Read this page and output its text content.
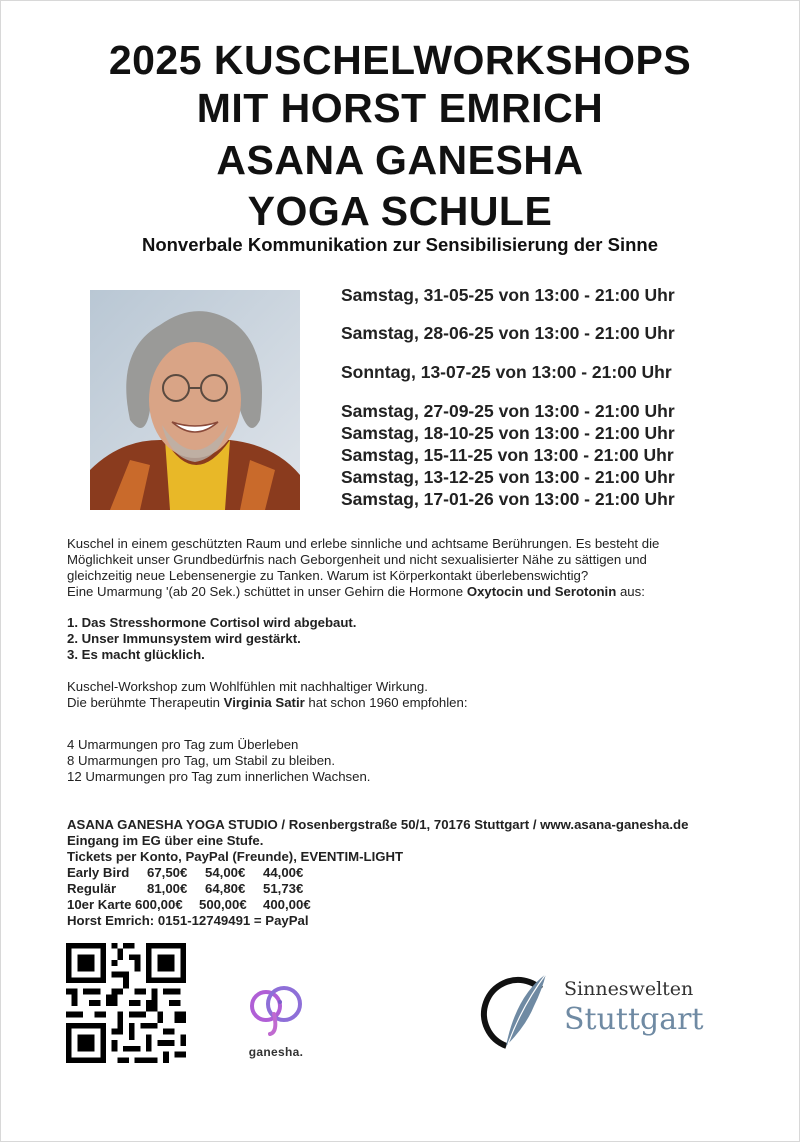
2025 KUSCHELWORKSHOPS
MIT HORST EMRICH
ASANA GANESHA
YOGA SCHULE
Nonverbale Kommunikation zur Sensibilisierung der Sinne
Samstag, 31-05-25 von 13:00 - 21:00 Uhr
Samstag, 28-06-25 von 13:00 - 21:00 Uhr
Sonntag, 13-07-25 von 13:00 - 21:00 Uhr
Samstag, 27-09-25 von 13:00 - 21:00 Uhr
Samstag, 18-10-25 von 13:00 - 21:00 Uhr
Samstag, 15-11-25 von 13:00 - 21:00 Uhr
Samstag, 13-12-25 von 13:00 - 21:00 Uhr
Samstag, 17-01-26 von 13:00 - 21:00 Uhr

Kuschel in einem geschützten Raum und erlebe sinnliche und achtsame Berührungen. Es besteht die

Möglichkeit unser Grundbedürfnis nach Geborgenheit und nicht sexualisierter Nähe zu sättigen und

gleichzeitig neue Lebensenergie zu Tanken. Warum ist Körperkontakt überlebenswichtig?

Eine Umarmung '(ab 20 Sek.) schüttet in unser Gehirn die Hormone Oxytocin und Serotonin aus:

1. Das Stresshormone Cortisol wird abgebaut.

2. Unser Immunsystem wird gestärkt.

3. Es macht glücklich.

Kuschel-Workshop zum Wohlfühlen mit nachhaltiger Wirkung.

Die berühmte Therapeutin Virginia Satir hat schon 1960 empfohlen:

4 Umarmungen pro Tag zum Überleben

8 Umarmungen pro Tag, um Stabil zu bleiben.

12 Umarmungen pro Tag zum innerlichen Wachsen.

ASANA GANESHA YOGA STUDIO / Rosenbergstraße 50/1, 70176 Stuttgart / www.asana-ganesha.de

Eingang im EG über eine Stufe.

Tickets per Konto, PayPal (Freunde), EVENTIM-LIGHT

Early Bird 67,50€ 54,00€ 44,00€

Regulär 81,00€ 64,80€ 51,73€

10er Karte 600,00€ 500,00€ 400,00€

Horst Emrich: 0151-12749491 = PayPal

ganesha.
Sinneswelten
Stuttgart
